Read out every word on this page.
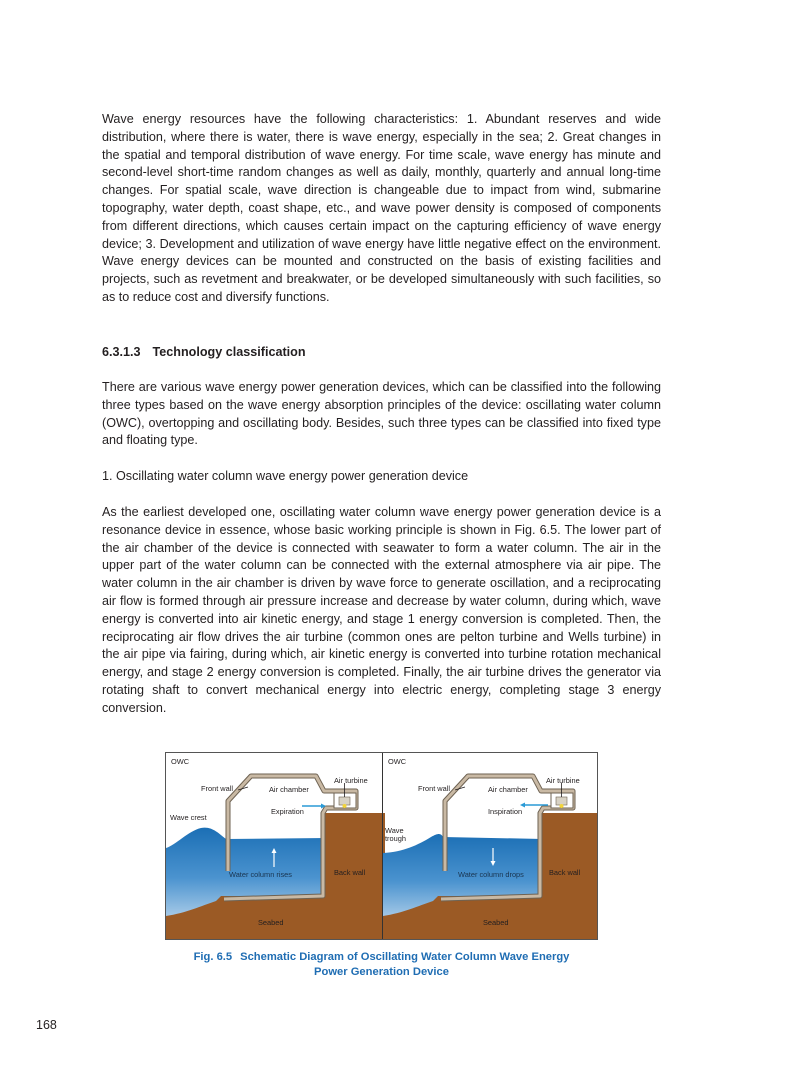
Wave energy resources have the following characteristics: 1. Abundant reserves and wide distribution, where there is water, there is wave energy, especially in the sea; 2. Great changes in the spatial and temporal distribution of wave energy. For time scale, wave energy has minute and second-level short-time random changes as well as daily, monthly, quarterly and annual long-time changes. For spatial scale, wave direction is changeable due to impact from wind, submarine topography, water depth, coast shape, etc., and wave power density is composed of components from different directions, which causes certain impact on the capturing efficiency of wave energy device; 3. Development and utilization of wave energy have little negative effect on the environment. Wave energy devices can be mounted and constructed on the basis of existing facilities and projects, such as revetment and breakwater, or be developed simultaneously with such facilities, so as to reduce cost and diversify functions.

6.3.1.3 Technology classification

There are various wave energy power generation devices, which can be classified into the following three types based on the wave energy absorption principles of the device: oscillating water column (OWC), overtopping and oscillating body. Besides, such three types can be classified into fixed type and floating type.

1. Oscillating water column wave energy power generation device

As the earliest developed one, oscillating water column wave energy power generation device is a resonance device in essence, whose basic working principle is shown in Fig. 6.5. The lower part of the air chamber of the device is connected with seawater to form a water column. The air in the upper part of the water column can be connected with the external atmosphere via air pipe. The water column in the air chamber is driven by wave force to generate oscillation, and a reciprocating air flow is formed through air pressure increase and decrease by water column, during which, wave energy is converted into air kinetic energy, and stage 1 energy conversion is completed. Then, the reciprocating air flow drives the air turbine (common ones are pelton turbine and Wells turbine) in the air pipe via fairing, during which, air kinetic energy is converted into turbine rotation mechanical energy, and stage 2 energy conversion is completed. Finally, the air turbine drives the generator via rotating shaft to convert mechanical energy into electric energy, completing stage 3 energy conversion.

OWC
Front wall	Air chamber
Air turbine
Expiration
Wave crest
Water column rises	Back wall
Seabed
OWC
Front wall	Air chamber
Air turbine
Inspiration
Wave trough
Water column drops	Back wall
Seabed
Fig. 6.5 Schematic Diagram of Oscillating Water Column Wave Energy
Power Generation Device
168
